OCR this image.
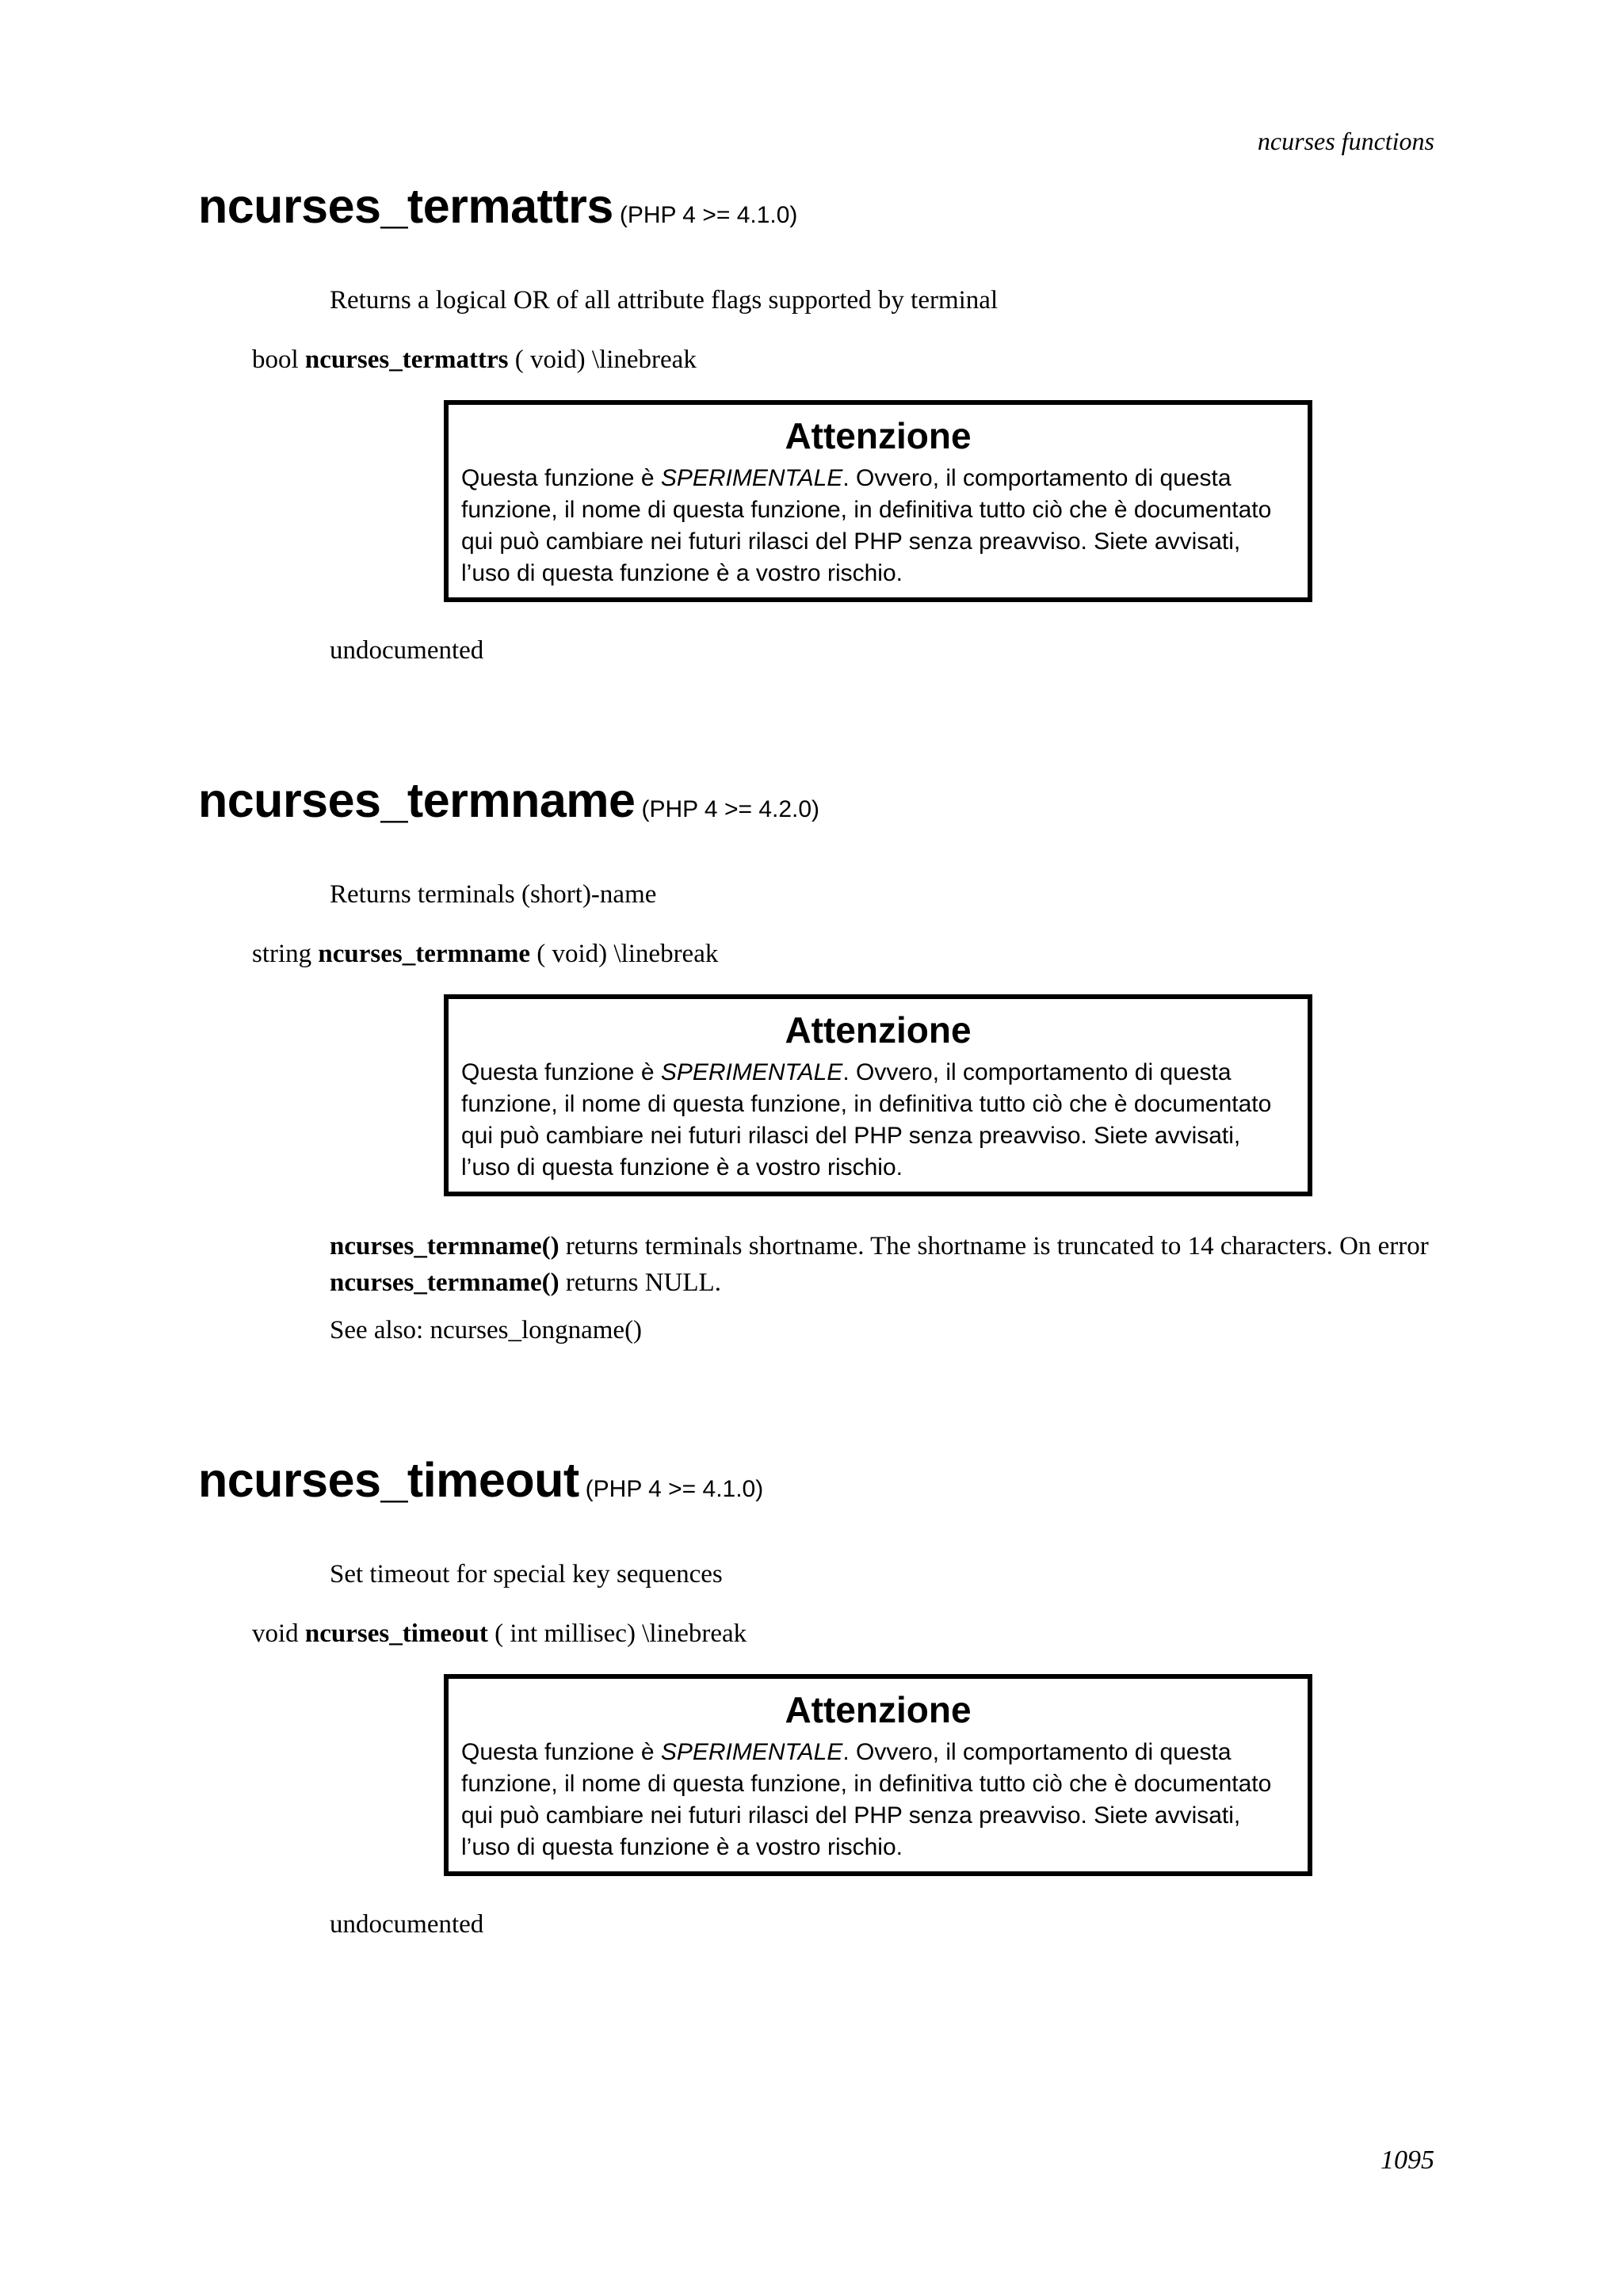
ncurses functions
ncurses_termattrs (PHP 4 >= 4.1.0)
Returns a logical OR of all attribute flags supported by terminal
bool ncurses_termattrs ( void) \linebreak
Attenzione
Questa funzione è SPERIMENTALE. Ovvero, il comportamento di questa funzione, il nome di questa funzione, in definitiva tutto ciò che è documentato qui può cambiare nei futuri rilasci del PHP senza preavviso. Siete avvisati, l’uso di questa funzione è a vostro rischio.
undocumented
ncurses_termname (PHP 4 >= 4.2.0)
Returns terminals (short)-name
string ncurses_termname ( void) \linebreak
Attenzione
Questa funzione è SPERIMENTALE. Ovvero, il comportamento di questa funzione, il nome di questa funzione, in definitiva tutto ciò che è documentato qui può cambiare nei futuri rilasci del PHP senza preavviso. Siete avvisati, l’uso di questa funzione è a vostro rischio.
ncurses_termname() returns terminals shortname. The shortname is truncated to 14 characters. On error ncurses_termname() returns NULL.
See also: ncurses_longname()
ncurses_timeout (PHP 4 >= 4.1.0)
Set timeout for special key sequences
void ncurses_timeout ( int millisec) \linebreak
Attenzione
Questa funzione è SPERIMENTALE. Ovvero, il comportamento di questa funzione, il nome di questa funzione, in definitiva tutto ciò che è documentato qui può cambiare nei futuri rilasci del PHP senza preavviso. Siete avvisati, l’uso di questa funzione è a vostro rischio.
undocumented
1095
